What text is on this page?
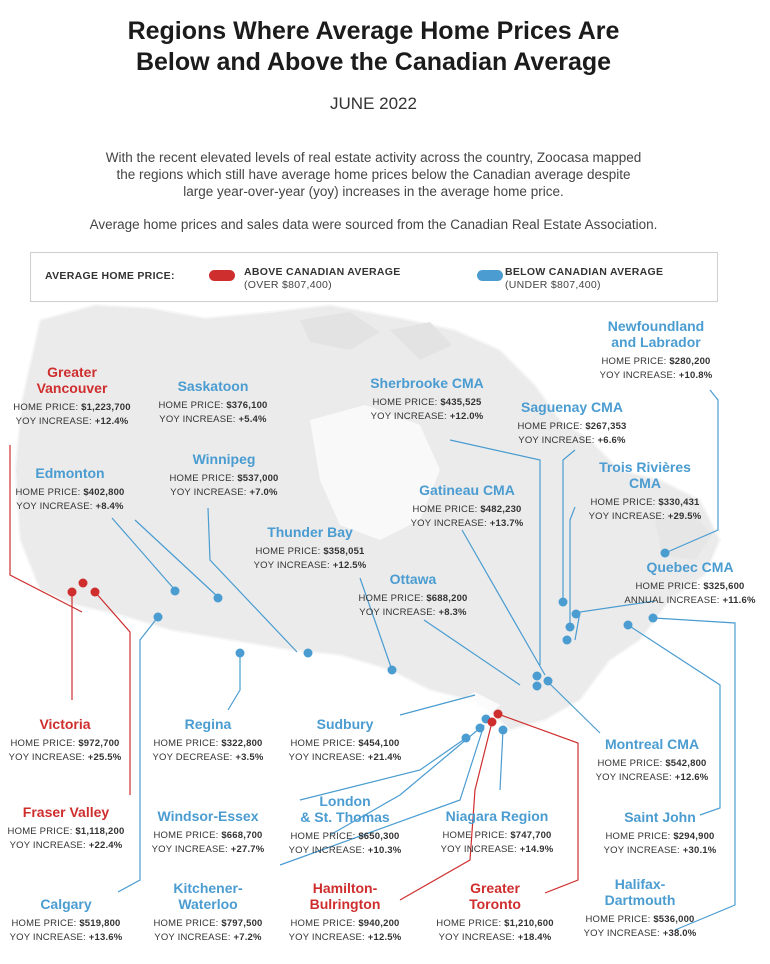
Regions Where Average Home Prices Are
Below and Above the Canadian Average
JUNE 2022
With the recent elevated levels of real estate activity across the country, Zoocasa mapped
the regions which still have average home prices below the Canadian average despite
large year-over-year (yoy) increases in the average home price.
Average home prices and sales data were sourced from the Canadian Real Estate Association.
AVERAGE HOME PRICE:	ABOVE CANADIAN AVERAGE
(OVER $807,400)
BELOW CANADIAN AVERAGE
(UNDER $807,400)
Greater
Vancouver
HOME PRICE: $1,223,700
YOY INCREASE: +12.4%
Saskatoon
HOME PRICE: $376,100
YOY INCREASE: +5.4%
Sherbrooke CMA
HOME PRICE: $435,525
YOY INCREASE: +12.0%
Newfoundland
and Labrador
HOME PRICE: $280,200
YOY INCREASE: +10.8%
Saguenay CMA
HOME PRICE: $267,353
YOY INCREASE: +6.6%
Edmonton
HOME PRICE: $402,800
YOY INCREASE: +8.4%
Winnipeg
HOME PRICE: $537,000
YOY INCREASE: +7.0%	Gatineau CMA
HOME PRICE: $482,230
YOY INCREASE: +13.7%
Trois Rivières
CMA
HOME PRICE: $330,431
YOY INCREASE: +29.5%
Thunder Bay
HOME PRICE: $358,051
YOY INCREASE: +12.5%	Quebec CMA
HOME PRICE: $325,600
ANNUAL INCREASE: +11.6%
Ottawa
HOME PRICE: $688,200
YOY INCREASE: +8.3%
Victoria
HOME PRICE: $972,700
YOY INCREASE: +25.5%
Regina
HOME PRICE: $322,800
YOY DECREASE: +3.5%
Sudbury
HOME PRICE: $454,100
YOY INCREASE: +21.4%
Montreal CMA
HOME PRICE: $542,800
YOY INCREASE: +12.6%
Fraser Valley
HOME PRICE: $1,118,200
YOY INCREASE: +22.4%
Windsor-Essex
HOME PRICE: $668,700
YOY INCREASE: +27.7%
London
& St. Thomas
HOME PRICE: $650,300
YOY INCREASE: +10.3%
Niagara Region
HOME PRICE: $747,700
YOY INCREASE: +14.9%
Saint John
HOME PRICE: $294,900
YOY INCREASE: +30.1%
Calgary
HOME PRICE: $519,800
YOY INCREASE: +13.6%
Kitchener-
Waterloo
HOME PRICE: $797,500
YOY INCREASE: +7.2%
Hamilton-
Bulrington
HOME PRICE: $940,200
YOY INCREASE: +12.5%
Greater
Toronto
HOME PRICE: $1,210,600
YOY INCREASE: +18.4%
Halifax-
Dartmouth
HOME PRICE: $536,000
YOY INCREASE: +38.0%
